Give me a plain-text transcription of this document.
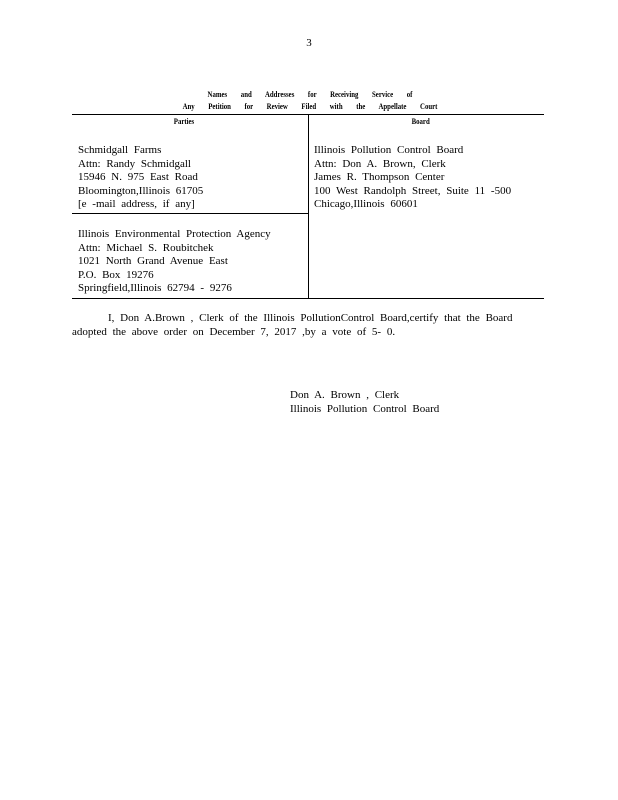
3
Names and Addresses for Receiving Service of
Any Petition for Review Filed with the Appellate Court
Parties	Board
Schmidgall Farms
Attn: Randy Schmidgall
15946 N. 975 East Road
Bloomington,Illinois 61705
[e -mail address, if any]
Illinois Pollution Control Board
Attn: Don A. Brown, Clerk
James R. Thompson Center
100 West Randolph Street, Suite 11 -500
Chicago,Illinois 60601
Illinois Environmental Protection Agency
Attn: Michael S. Roubitchek
1021 North Grand Avenue East
P.O. Box 19276
Springfield,Illinois 62794 - 9276
I, Don A.Brown , Clerk of the Illinois PollutionControl Board,certify that the Board
adopted the above order on December 7, 2017 ,by a vote of 5- 0.
Don A. Brown , Clerk
Illinois Pollution Control Board
